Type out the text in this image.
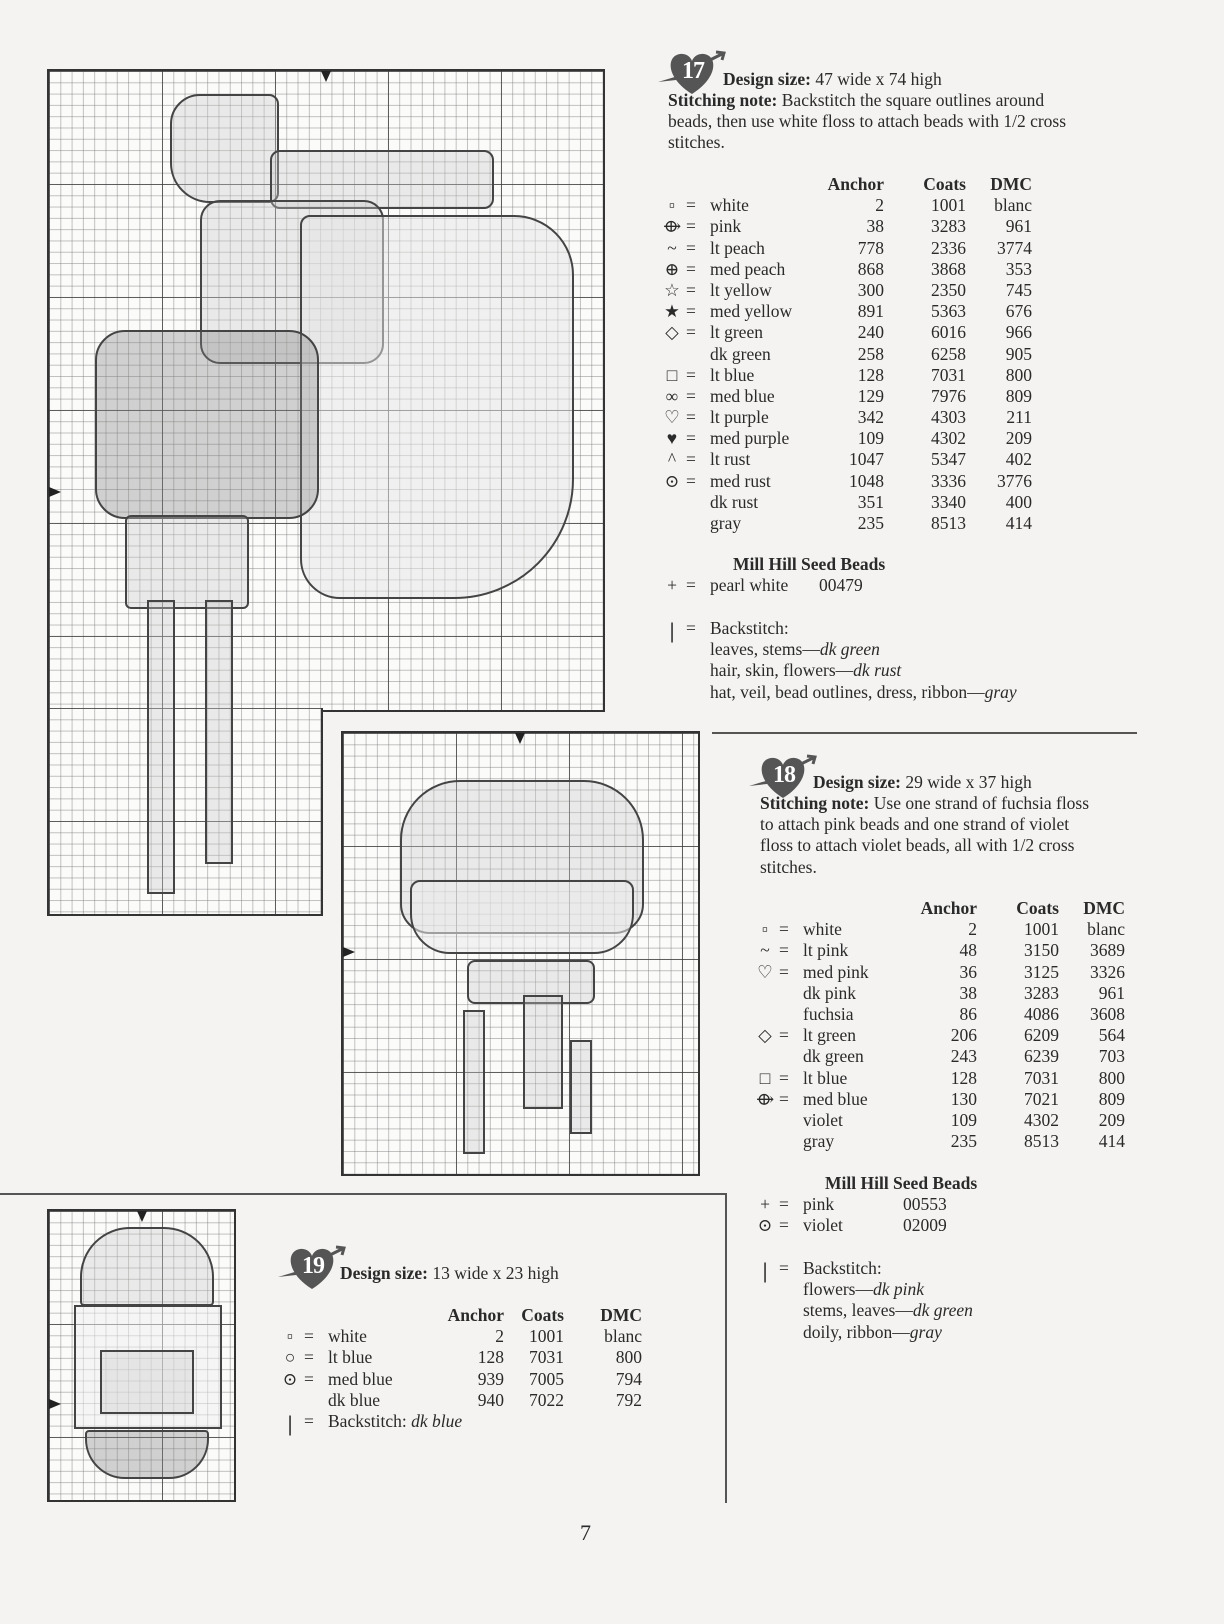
17	Design size: 47 wide x 74 high
Stitching note: Backstitch the square outlines around
beads, then use white floss to attach beads with 1/2 cross
stitches.
Anchor Coats DMC
▫ = white	2	1001 blanc
⟴ = pink	38	3283 961
~ = lt peach	778	2336 3774
⊕ = med peach	868	3868 353
☆ = lt yellow	300	2350 745
★ = med yellow	891	5363 676
◇ = lt green	240	6016 966
dk green	258	6258 905
□ = lt blue	128	7031 800
∞ = med blue	129	7976 809
♡ = lt purple	342	4303 211
♥ = med purple	109	4302 209
^ = lt rust	1047	5347 402
⊙ = med rust	1048	3336 3776
dk rust	351	3340 400
gray	235	8513 414
Mill Hill Seed Beads
+ = pearl white 00479
| = Backstitch:
leaves, stems—dk green
hair, skin, flowers—dk rust
hat, veil, bead outlines, dress, ribbon—gray
18	Design size: 29 wide x 37 high
Stitching note: Use one strand of fuchsia floss
to attach pink beads and one strand of violet
floss to attach violet beads, all with 1/2 cross
stitches.
Anchor Coats DMC
▫ = white	2	1001 blanc
~ = lt pink	48	3150 3689
♡ = med pink	36	3125 3326
dk pink	38	3283 961
fuchsia	86	4086 3608
◇ = lt green	206	6209 564
dk green	243	6239 703
□ = lt blue	128	7031 800
⟴ = med blue	130	7021 809
violet	109	4302 209
gray	235	8513 414
Mill Hill Seed Beads
+ = pink	00553
⊙ = violet	02009
| = Backstitch:
flowers—dk pink
stems, leaves—dk green
doily, ribbon—gray
19 Design size: 13 wide x 23 high
Anchor Coats DMC
▫ = white	2 1001 blanc
○ = lt blue	128 7031	800
⊙ = med blue	939 7005	794
dk blue	940 7022	792
| = Backstitch: dk blue
7
